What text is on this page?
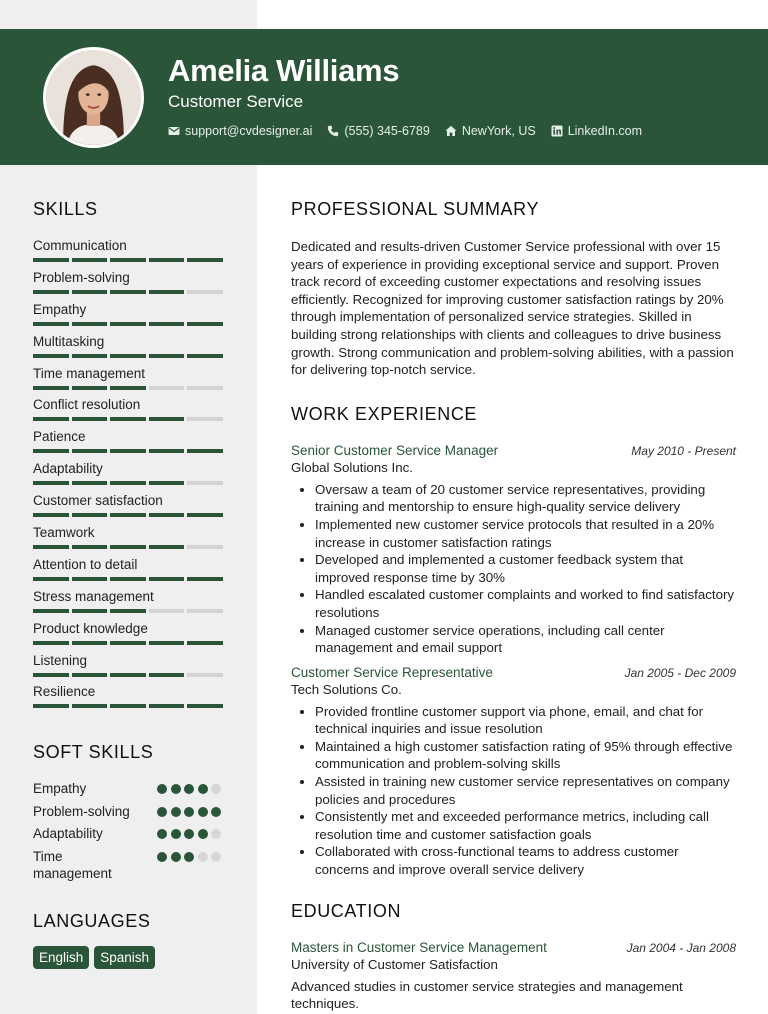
Amelia Williams
Customer Service
support@cvdesigner.ai	(555) 345-6789	NewYork, US	LinkedIn.com
SKILLS
Communication
Problem-solving
Empathy
Multitasking
Time management
Conflict resolution
Patience
Adaptability
Customer satisfaction
Teamwork
Attention to detail
Stress management
Product knowledge
Listening
Resilience
SOFT SKILLS
Empathy
Problem-solving
Adaptability
Time management
LANGUAGES
English	Spanish
PROFESSIONAL SUMMARY

Dedicated and results-driven Customer Service professional with over 15 years of experience in providing exceptional service and support. Proven track record of exceeding customer expectations and resolving issues efficiently. Recognized for improving customer satisfaction ratings by 20% through implementation of personalized service strategies. Skilled in building strong relationships with clients and colleagues to drive business growth. Strong communication and problem-solving abilities, with a passion for delivering top-notch service.

WORK EXPERIENCE
Senior Customer Service Manager	May 2010 - Present
Global Solutions Inc.
• Oversaw a team of 20 customer service representatives, providing training and mentorship to ensure high-quality service delivery
• Implemented new customer service protocols that resulted in a 20% increase in customer satisfaction ratings
• Developed and implemented a customer feedback system that improved response time by 30%
• Handled escalated customer complaints and worked to find satisfactory resolutions
• Managed customer service operations, including call center management and email support
Customer Service Representative	Jan 2005 - Dec 2009
Tech Solutions Co.
• Provided frontline customer support via phone, email, and chat for technical inquiries and issue resolution
• Maintained a high customer satisfaction rating of 95% through effective communication and problem-solving skills
• Assisted in training new customer service representatives on company policies and procedures
• Consistently met and exceeded performance metrics, including call resolution time and customer satisfaction goals
• Collaborated with cross-functional teams to address customer concerns and improve overall service delivery
EDUCATION
Masters in Customer Service Management	Jan 2004 - Jan 2008
University of Customer Satisfaction

Advanced studies in customer service strategies and management techniques.
